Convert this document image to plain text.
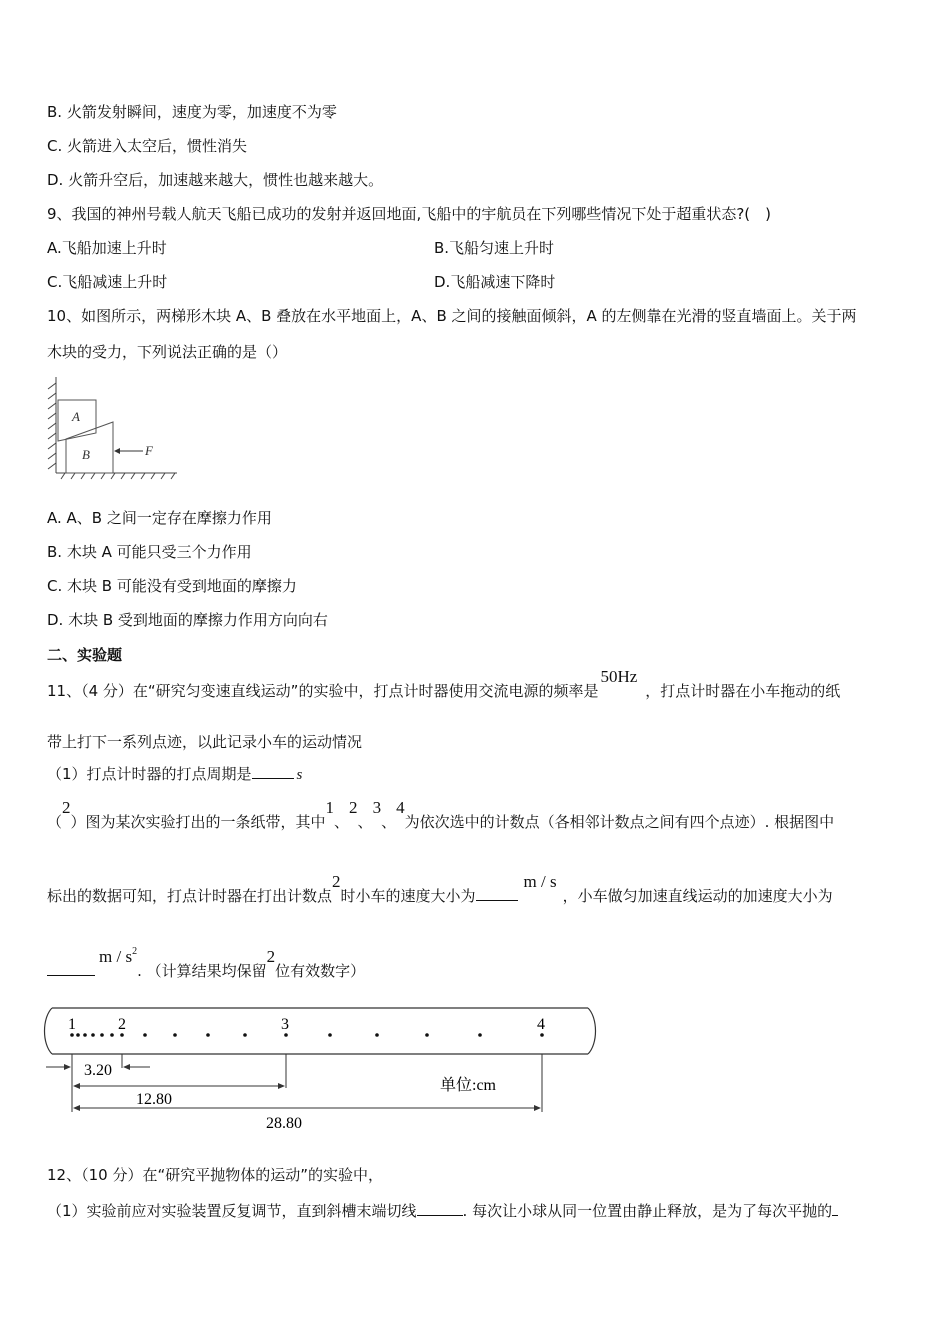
B. 火箭发射瞬间，速度为零，加速度不为零
C. 火箭进入太空后，惯性消失
D. 火箭升空后，加速越来越大，惯性也越来越大。
9、我国的神州号载人航天飞船已成功的发射并返回地面,飞船中的宇航员在下列哪些情况下处于超重状态?(　)
A.飞船加速上升时	B.飞船匀速上升时
C.飞船减速上升时	D.飞船减速下降时
10、如图所示，两梯形木块 A、B 叠放在水平地面上，A、B 之间的接触面倾斜，A 的左侧靠在光滑的竖直墙面上。关于两
木块的受力，下列说法正确的是（）
A
B	F
A. A、B 之间一定存在摩擦力作用
B. 木块 A 可能只受三个力作用
C. 木块 B 可能没有受到地面的摩擦力
D. 木块 B 受到地面的摩擦力作用方向向右
二、实验题
11、（4 分）在“研究匀变速直线运动”的实验中，打点计时器使用交流电源的频率是50Hz，打点计时器在小车拖动的纸
带上打下一系列点迹，以此记录小车的运动情况
（1）打点计时器的打点周期是	s
（2）图为某次实验打出的一条纸带，其中1、2、3、4为依次选中的计数点（各相邻计数点之间有四个点迹）. 根据图中
标出的数据可知，打点计时器在打出计数点2时小车的速度大小为m / s，小车做匀加速直线运动的加速度大小为
m / $s^2$. （计算结果均保留2位有效数字）
1	2	3	4
3.20
12.80
28.80
单位:cm
12、（10 分）在“研究平抛物体的运动”的实验中，
（1）实验前应对实验装置反复调节，直到斜槽末端切线	. 每次让小球从同一位置由静止释放，是为了每次平抛的
